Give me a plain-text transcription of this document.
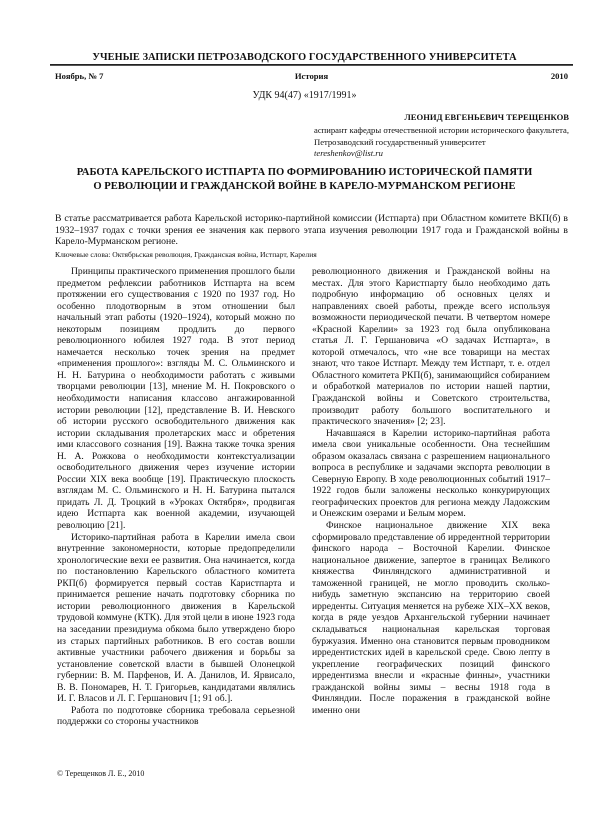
УЧЕНЫЕ ЗАПИСКИ ПЕТРОЗАВОДСКОГО ГОСУДАРСТВЕННОГО УНИВЕРСИТЕТА
Ноябрь, № 7	История	2010
УДК 94(47) «1917/1991»
ЛЕОНИД ЕВГЕНЬЕВИЧ ТЕРЕЩЕНКОВ
аспирант кафедры отечественной истории исторического факультета, Петрозаводский государственный университет
tereshenkov@list.ru
РАБОТА КАРЕЛЬСКОГО ИСТПАРТА ПО ФОРМИРОВАНИЮ ИСТОРИЧЕСКОЙ ПАМЯТИ
О РЕВОЛЮЦИИ И ГРАЖДАНСКОЙ ВОЙНЕ В КАРЕЛО-МУРМАНСКОМ РЕГИОНЕ
В статье рассматривается работа Карельской историко-партийной комиссии (Истпарта) при Областном комитете ВКП(б) в 1932–1937 годах с точки зрения ее значения как первого этапа изучения революции 1917 года и Гражданской войны в Карело-Мурманском регионе.
Ключевые слова: Октябрьская революция, Гражданская война, Истпарт, Карелия

Принципы практического применения прошлого были предметом рефлексии работников Истпарта на всем протяжении его существования с 1920 по 1937 год. Но особенно плодотворным в этом отношении был начальный этап работы (1920–1924), который можно по некоторым позициям продлить до первого революционного юбилея 1927 года. В этот период намечается несколько точек зрения на предмет «применения прошлого»: взгляды М. С. Ольминского и Н. Н. Батурина о необходимости работать с живыми творцами революции [13], мнение М. Н. Покровского о необходимости написания классово ангажированной истории революции [12], представление В. И. Невского об истории русского освободительного движения как истории складывания пролетарских масс и обретения ими классового сознания [19]. Важна также точка зрения Н. А. Рожкова о необходимости контекстуализации освободительного движения через изучение истории России XIX века вообще [19]. Практическую плоскость взглядам М. С. Ольминского и Н. Н. Батурина пытался придать Л. Д. Троцкий в «Уроках Октября», продвигая идею Истпарта как военной академии, изучающей революцию [21].

Историко-партийная работа в Карелии имела свои внутренние закономерности, которые предопределили хронологические вехи ее развития. Она начинается, когда по постановлению Карельского областного комитета РКП(б) формируется первый состав Каристпарта и принимается решение начать подготовку сборника по истории революционного движения в Карельской трудовой коммуне (КТК). Для этой цели в июне 1923 года на заседании президиума обкома было утверждено бюро из старых партийных работников. В его состав вошли активные участники рабочего движения и борьбы за установление советской власти в бывшей Олонецкой губернии: В. М. Парфенов, И. А. Данилов, И. Ярвисало, В. В. Пономарев, Н. Т. Григорьев, кандидатами являлись И. Г. Власов и Л. Г. Гершанович [1; 91 об.].

Работа по подготовке сборника требовала серьезной поддержки со стороны участников

революционного движения и Гражданской войны на местах. Для этого Каристпарту было необходимо дать подробную информацию об основных целях и направлениях своей работы, прежде всего используя возможности периодической печати. В четвертом номере «Красной Карелии» за 1923 год была опубликована статья Л. Г. Гершановича «О задачах Истпарта», в которой отмечалось, что «не все товарищи на местах знают, что такое Истпарт. Между тем Истпарт, т. е. отдел Областного комитета РКП(б), занимающийся собиранием и обработкой материалов по истории нашей партии, Гражданской войны и Советского строительства, производит работу большого воспитательного и практического значения» [2; 23].

Начавшаяся в Карелии историко-партийная работа имела свои уникальные особенности. Она теснейшим образом оказалась связана с разрешением национального вопроса в республике и задачами экспорта революции в Северную Европу. В ходе революционных событий 1917–1922 годов были заложены несколько конкурирующих географических проектов для региона между Ладожским и Онежским озерами и Белым морем.

Финское национальное движение XIX века сформировало представление об ирредентной территории финского народа – Восточной Карелии. Финское национальное движение, запертое в границах Великого княжества Финляндского административной и таможенной границей, не могло проводить сколько-нибудь заметную экспансию на территорию своей ирреденты. Ситуация меняется на рубеже XIX–XX веков, когда в ряде уездов Архангельской губернии начинает складываться национальная карельская торговая буржуазия. Именно она становится первым проводником ирредентистских идей в карельской среде. Свою лепту в укрепление географических позиций финского ирредентизма внесли и «красные финны», участники гражданской войны зимы – весны 1918 года в Финляндии. После поражения в гражданской войне именно они

© Терещенков Л. Е., 2010
